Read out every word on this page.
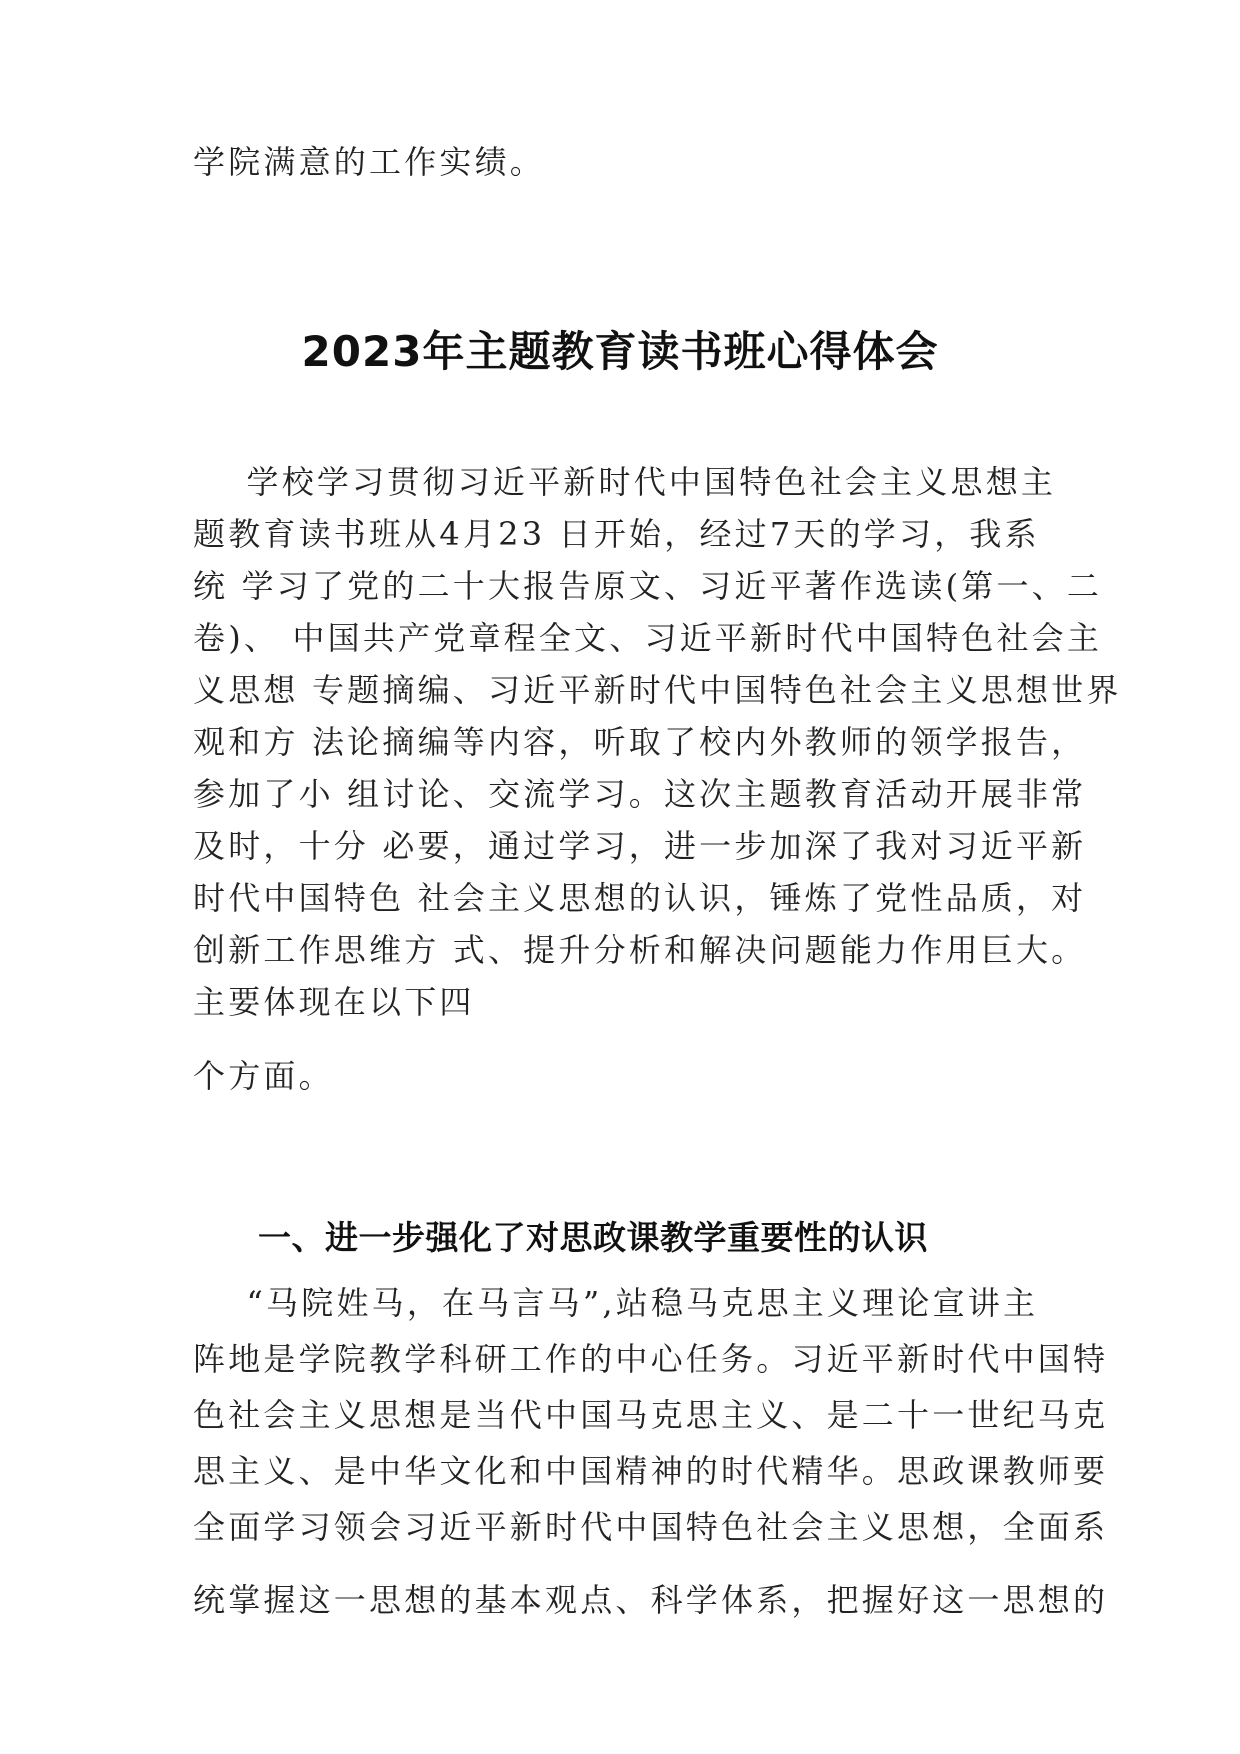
学院满意的工作实绩。
2023年主题教育读书班心得体会
学校学习贯彻习近平新时代中国特色社会主义思想主
题教育读书班从4月23 日开始，经过7天的学习，我系
统 学习了党的二十大报告原文、习近平著作选读(第一、二
卷)、 中国共产党章程全文、习近平新时代中国特色社会主
义思想 专题摘编、习近平新时代中国特色社会主义思想世界
观和方 法论摘编等内容，听取了校内外教师的领学报告，
参加了小 组讨论、交流学习。这次主题教育活动开展非常
及时，十分 必要，通过学习，进一步加深了我对习近平新
时代中国特色 社会主义思想的认识，锤炼了党性品质，对
创新工作思维方 式、提升分析和解决问题能力作用巨大。
主要体现在以下四
个方面。
一、进一步强化了对思政课教学重要性的认识
“马院姓马，在马言马”,站稳马克思主义理论宣讲主
阵地是学院教学科研工作的中心任务。习近平新时代中国特
色社会主义思想是当代中国马克思主义、是二十一世纪马克
思主义、是中华文化和中国精神的时代精华。思政课教师要
全面学习领会习近平新时代中国特色社会主义思想，全面系
统掌握这一思想的基本观点、科学体系，把握好这一思想的
